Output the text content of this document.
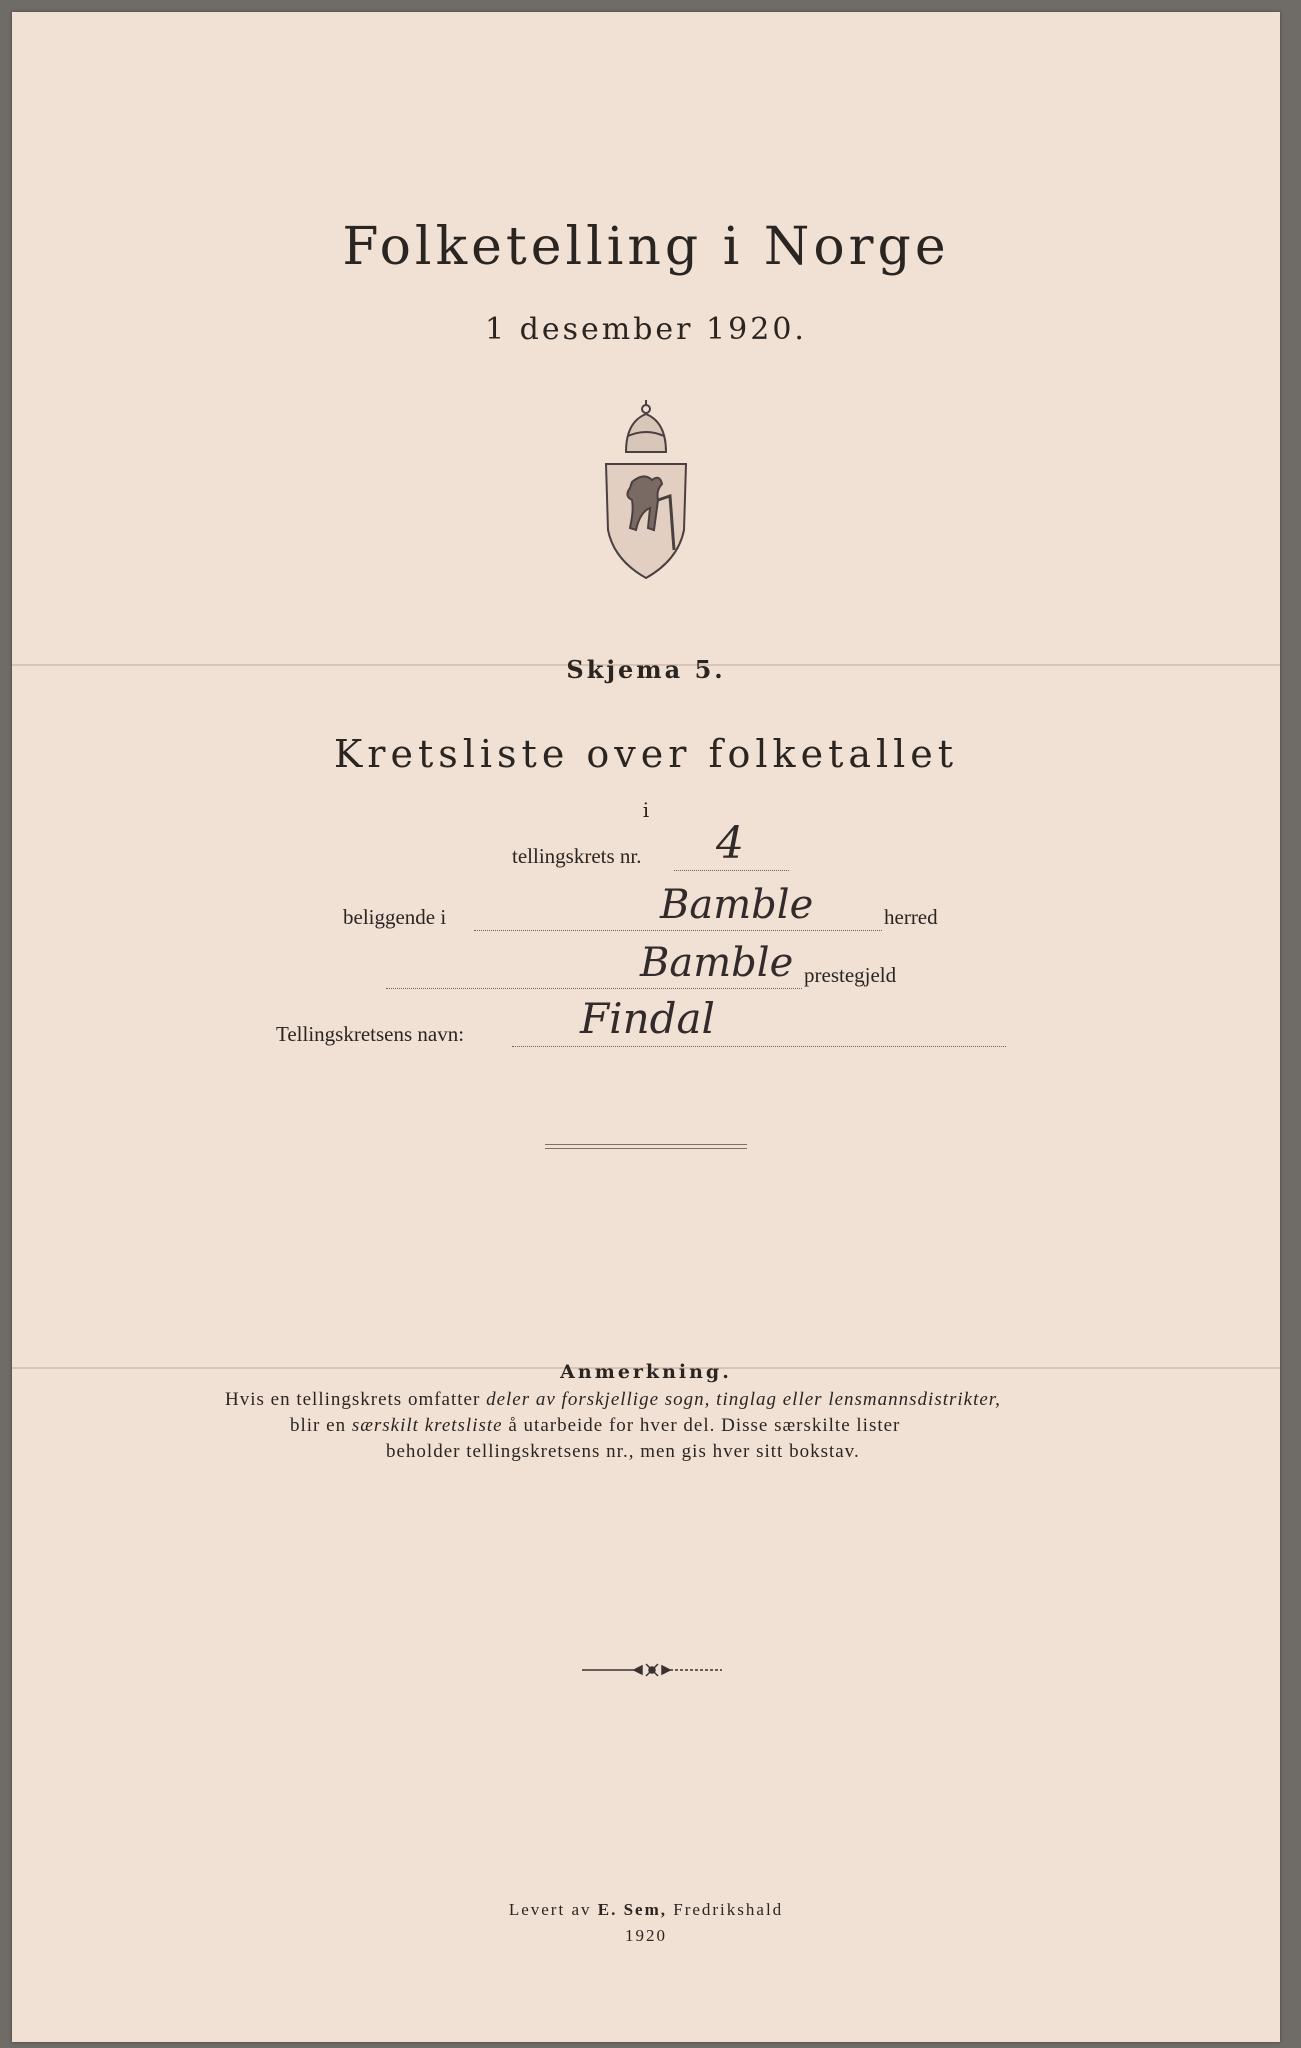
Folketelling i Norge
1 desember 1920.
Skjema 5.
Kretsliste over folketallet
i
tellingskrets nr. 4
beliggende i	Bamble	herred
Bamble prestegjeld
Tellingskretsens navn:	Findal
Anmerkning.
Hvis en tellingskrets omfatter deler av forskjellige sogn, tinglag eller lensmannsdistrikter,
blir en særskilt kretsliste å utarbeide for hver del. Disse særskilte lister
beholder tellingskretsens nr., men gis hver sitt bokstav.
Levert av E. Sem, Fredrikshald
1920
